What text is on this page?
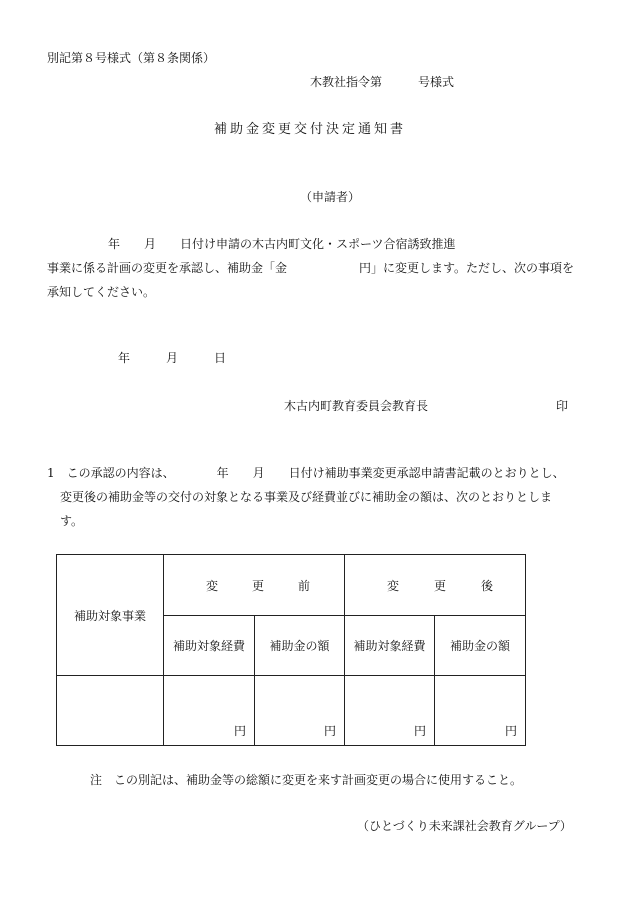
別記第８号様式（第８条関係）
木教社指令第　　　号様式
補助金変更交付決定通知書
（申請者）
年　　月　　日付け申請の木古内町文化・スポーツ合宿誘致推進
事業に係る計画の変更を承認し、補助金「金　　　　　　円」に変更します。ただし、次の事項を
承知してください。
年　　　月　　　日
木古内町教育委員会教育長	印
1　この承認の内容は、　　　　年　　月　　日付け補助事業変更承認申請書記載のとおりとし、
変更後の補助金等の交付の対象となる事業及び経費並びに補助金の額は、次のとおりとしま
す。
補助対象事業	変 更 前		変 更 後	

	補助対象経費	補助金の額	補助対象経費	補助金の額
	円	円	円	円
注　この別記は、補助金等の総額に変更を来す計画変更の場合に使用すること。
（ひとづくり未来課社会教育グループ）
